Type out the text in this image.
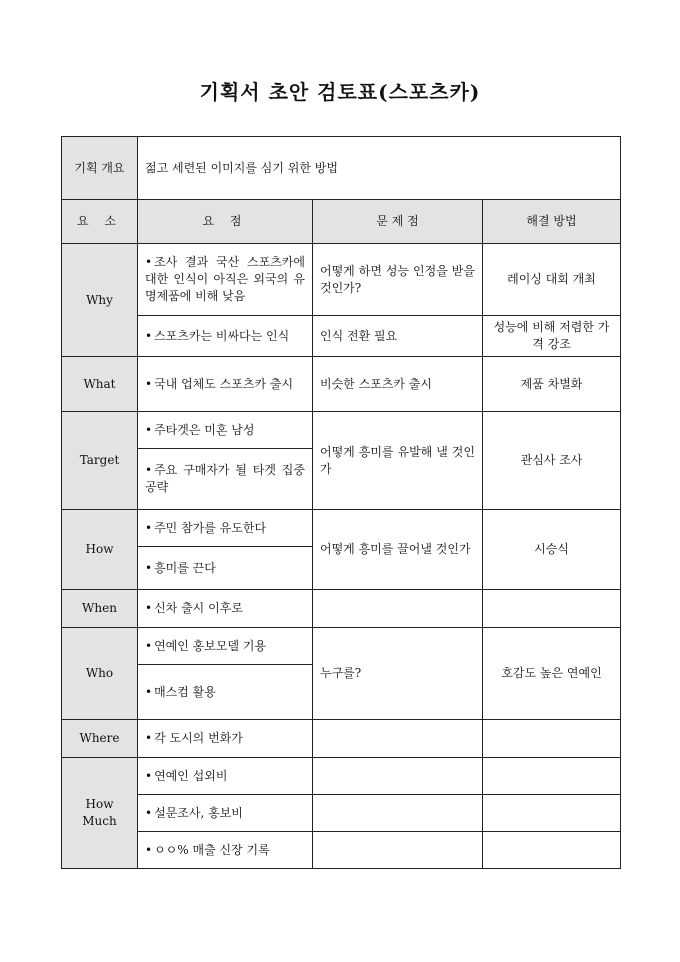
기획서 초안 검토표(스포츠카)
기획 개요	젊고 세련된 이미지를 심기 위한 방법		
요 소	요 점	문 제 점	해결 방법
Why	• 조사 결과 국산 스포츠카에 대한 인식이 아직은 외국의 유명제품에 비해 낮음	어떻게 하면 성능 인정을 받을 것인가?	레이싱 대회 개최
	• 스포츠카는 비싸다는 인식	인식 전환 필요	성능에 비해 저렴한 가격 강조
What	• 국내 업체도 스포츠카 출시	비슷한 스포츠카 출시	제품 차별화
Target	• 주타겟은 미혼 남성	어떻게 흥미를 유발해 낼 것인가	관심사 조사
	• 주요 구매자가 될 타겟 집중 공략		
How	• 주민 참가를 유도한다	어떻게 흥미를 끌어낼 것인가	시승식
	• 흥미를 끈다		
When	• 신차 출시 이후로		
Who	• 연예인 홍보모델 기용	누구를?	호감도 높은 연예인
	• 매스컴 활용		
Where	• 각 도시의 번화가		
How Much	• 연예인 섭외비		
	• 설문조사, 홍보비		
	• ㅇㅇ% 매출 신장 기록		
